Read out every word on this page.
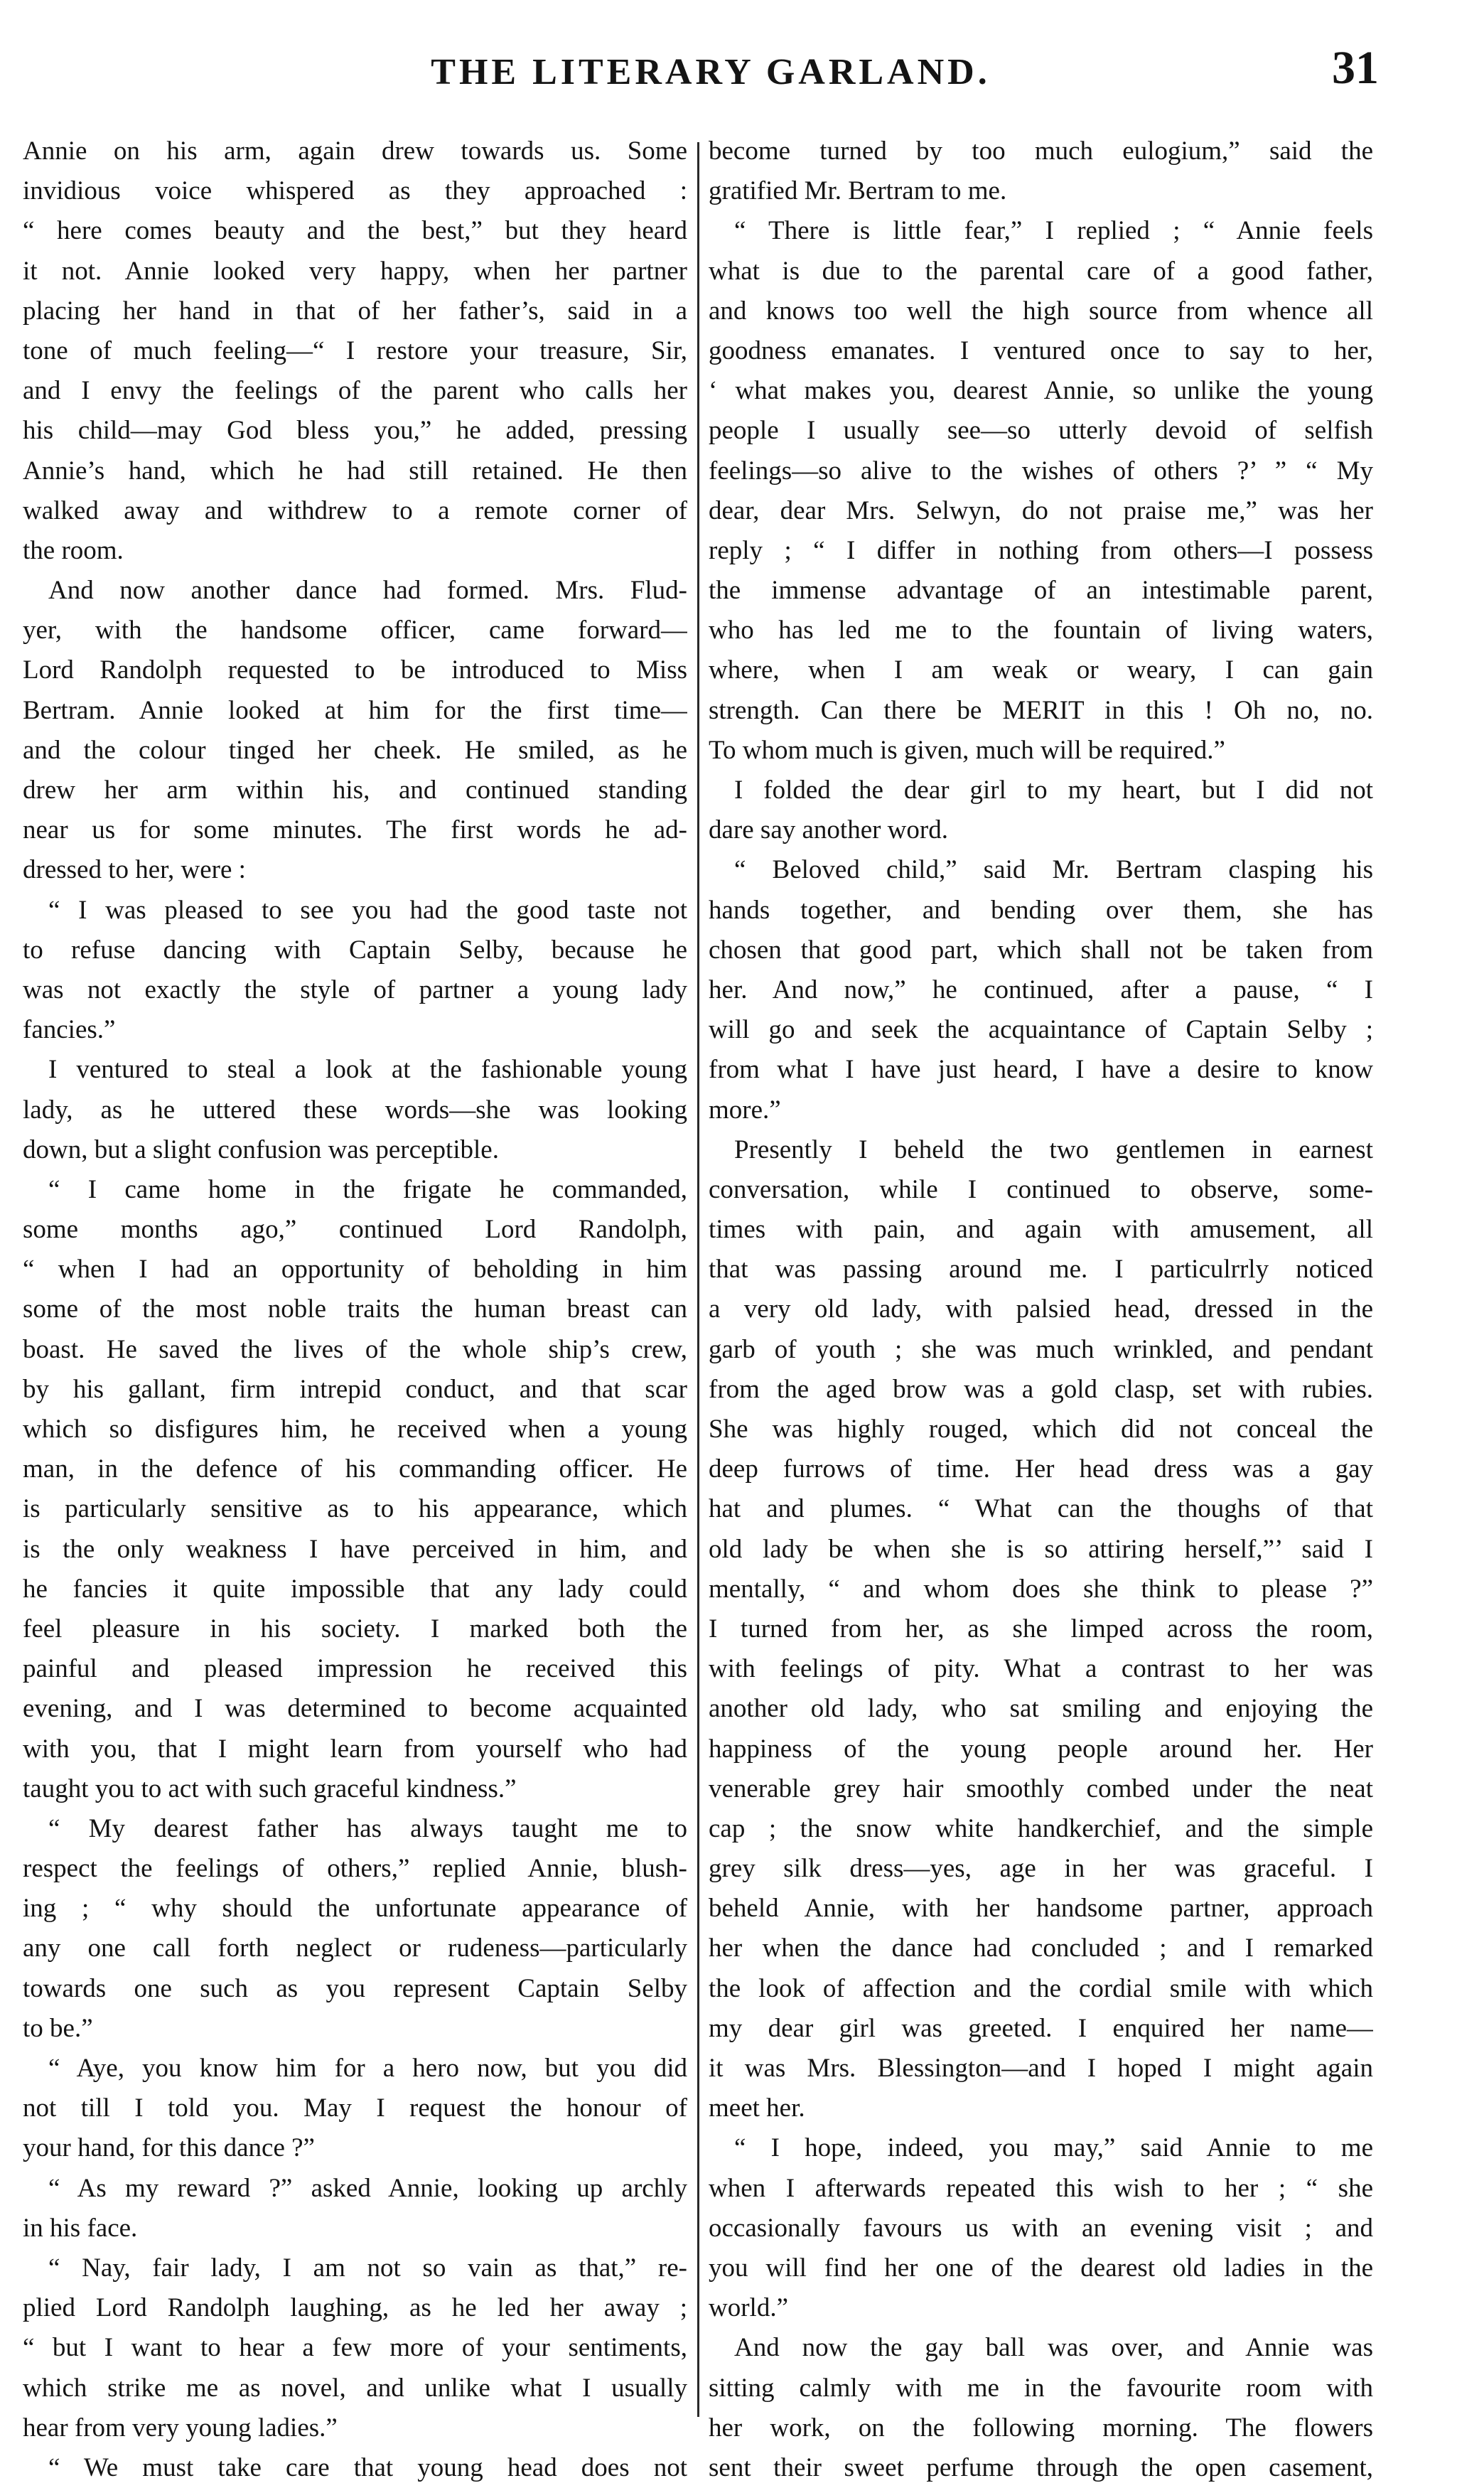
THE LITERARY GARLAND.	31
Annie on his arm, again drew towards us. Some
invidious voice whispered as they approached :
“ here comes beauty and the best,” but they heard
it not. Annie looked very happy, when her partner
placing her hand in that of her father’s, said in a
tone of much feeling—“ I restore your treasure, Sir,
and I envy the feelings of the parent who calls her
his child—may God bless you,” he added, pressing
Annie’s hand, which he had still retained. He then
walked away and withdrew to a remote corner of
the room.
And now another dance had formed. Mrs. Flud-
yer, with the handsome officer, came forward—
Lord Randolph requested to be introduced to Miss
Bertram. Annie looked at him for the first time—
and the colour tinged her cheek. He smiled, as he
drew her arm within his, and continued standing
near us for some minutes. The first words he ad-
dressed to her, were :
“ I was pleased to see you had the good taste not
to refuse dancing with Captain Selby, because he
was not exactly the style of partner a young lady
fancies.”
I ventured to steal a look at the fashionable young
lady, as he uttered these words—she was looking
down, but a slight confusion was perceptible.
“ I came home in the frigate he commanded,
some months ago,” continued Lord Randolph,
“ when I had an opportunity of beholding in him
some of the most noble traits the human breast can
boast. He saved the lives of the whole ship’s crew,
by his gallant, firm intrepid conduct, and that scar
which so disfigures him, he received when a young
man, in the defence of his commanding officer. He
is particularly sensitive as to his appearance, which
is the only weakness I have perceived in him, and
he fancies it quite impossible that any lady could
feel pleasure in his society. I marked both the
painful and pleased impression he received this
evening, and I was determined to become acquainted
with you, that I might learn from yourself who had
taught you to act with such graceful kindness.”
“ My dearest father has always taught me to
respect the feelings of others,” replied Annie, blush-
ing ; “ why should the unfortunate appearance of
any one call forth neglect or rudeness—particularly
towards one such as you represent Captain Selby
to be.”
“ Aye, you know him for a hero now, but you did
not till I told you. May I request the honour of
your hand, for this dance ?”
“ As my reward ?” asked Annie, looking up archly
in his face.
“ Nay, fair lady, I am not so vain as that,” re-
plied Lord Randolph laughing, as he led her away ;
“ but I want to hear a few more of your sentiments,
which strike me as novel, and unlike what I usually
hear from very young ladies.”
“ We must take care that young head does not
become turned by too much eulogium,” said the
gratified Mr. Bertram to me.
“ There is little fear,” I replied ; “ Annie feels
what is due to the parental care of a good father,
and knows too well the high source from whence all
goodness emanates. I ventured once to say to her,
‘ what makes you, dearest Annie, so unlike the young
people I usually see—so utterly devoid of selfish
feelings—so alive to the wishes of others ?’ ” “ My
dear, dear Mrs. Selwyn, do not praise me,” was her
reply ; “ I differ in nothing from others—I possess
the immense advantage of an intestimable parent,
who has led me to the fountain of living waters,
where, when I am weak or weary, I can gain
strength. Can there be MERIT in this ! Oh no, no.
To whom much is given, much will be required.”
I folded the dear girl to my heart, but I did not
dare say another word.
“ Beloved child,” said Mr. Bertram clasping his
hands together, and bending over them, she has
chosen that good part, which shall not be taken from
her. And now,” he continued, after a pause, “ I
will go and seek the acquaintance of Captain Selby ;
from what I have just heard, I have a desire to know
more.”
Presently I beheld the two gentlemen in earnest
conversation, while I continued to observe, some-
times with pain, and again with amusement, all
that was passing around me. I particulrrly noticed
a very old lady, with palsied head, dressed in the
garb of youth ; she was much wrinkled, and pendant
from the aged brow was a gold clasp, set with rubies.
She was highly rouged, which did not conceal the
deep furrows of time. Her head dress was a gay
hat and plumes. “ What can the thoughs of that
old lady be when she is so attiring herself,”’ said I
mentally, “ and whom does she think to please ?”
I turned from her, as she limped across the room,
with feelings of pity. What a contrast to her was
another old lady, who sat smiling and enjoying the
happiness of the young people around her. Her
venerable grey hair smoothly combed under the neat
cap ; the snow white handkerchief, and the simple
grey silk dress—yes, age in her was graceful. I
beheld Annie, with her handsome partner, approach
her when the dance had concluded ; and I remarked
the look of affection and the cordial smile with which
my dear girl was greeted. I enquired her name—
it was Mrs. Blessington—and I hoped I might again
meet her.
“ I hope, indeed, you may,” said Annie to me
when I afterwards repeated this wish to her ; “ she
occasionally favours us with an evening visit ; and
you will find her one of the dearest old ladies in the
world.”
And now the gay ball was over, and Annie was
sitting calmly with me in the favourite room with
her work, on the following morning. The flowers
sent their sweet perfume through the open casement,
